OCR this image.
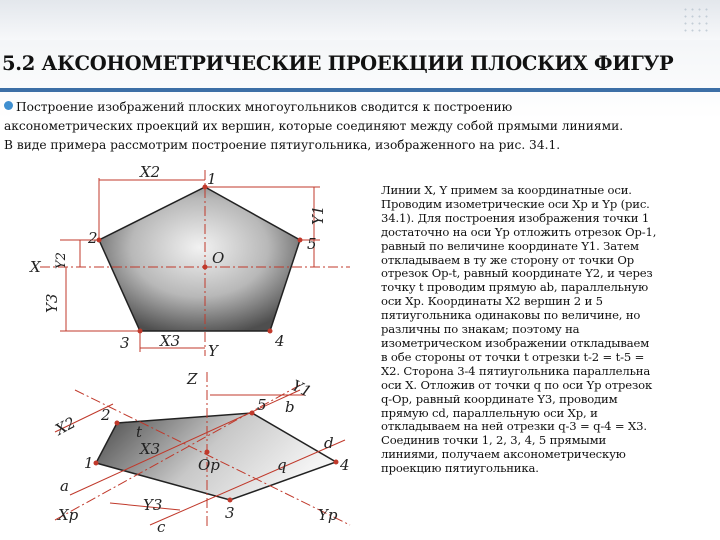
5.2 АКСОНОМЕТРИЧЕСКИЕ ПРОЕКЦИИ ПЛОСКИХ ФИГУР
Построение изображений плоских многоугольников сводится к построению
аксонометрических проекций их вершин, которые соединяют между собой прямыми линиями.
В виде примера рассмотрим построение пятиугольника, изображенного на рис. 34.1.
X2
Y1
Y2
Y3
X3
X
Y
O
1
2
3	4
5
Z	Y1
X2
X3
Y3
Xp	Yp
Op
a
b
c
d
q
t
2
5
4
3
1

Линии X, Y примем за координатные оси.

Проводим изометрические оси Xp и Yp (рис.

34.1). Для построения изображения точки 1

достаточно на оси Yp отложить отрезок Op-1,

равный по величине координате Y1. Затем

откладываем в ту же сторону от точки Op

отрезок Op-t, равный координате Y2, и через

точку t проводим прямую ab, параллельную

оси Xp. Координаты X2 вершин 2 и 5

пятиугольника одинаковы по величине, но

различны по знакам; поэтому на

изометрическом изображении откладываем

в обе стороны от точки t отрезки t-2 = t-5 =

X2. Сторона 3-4 пятиугольника параллельна

оси X. Отложив от точки q по оси Yp отрезок

q-Op, равный координате Y3, проводим

прямую cd, параллельную оси Xp, и

откладываем на ней отрезки q-3 = q-4 = X3.

Соединив точки 1, 2, 3, 4, 5 прямыми

линиями, получаем аксонометрическую

проекцию пятиугольника.
